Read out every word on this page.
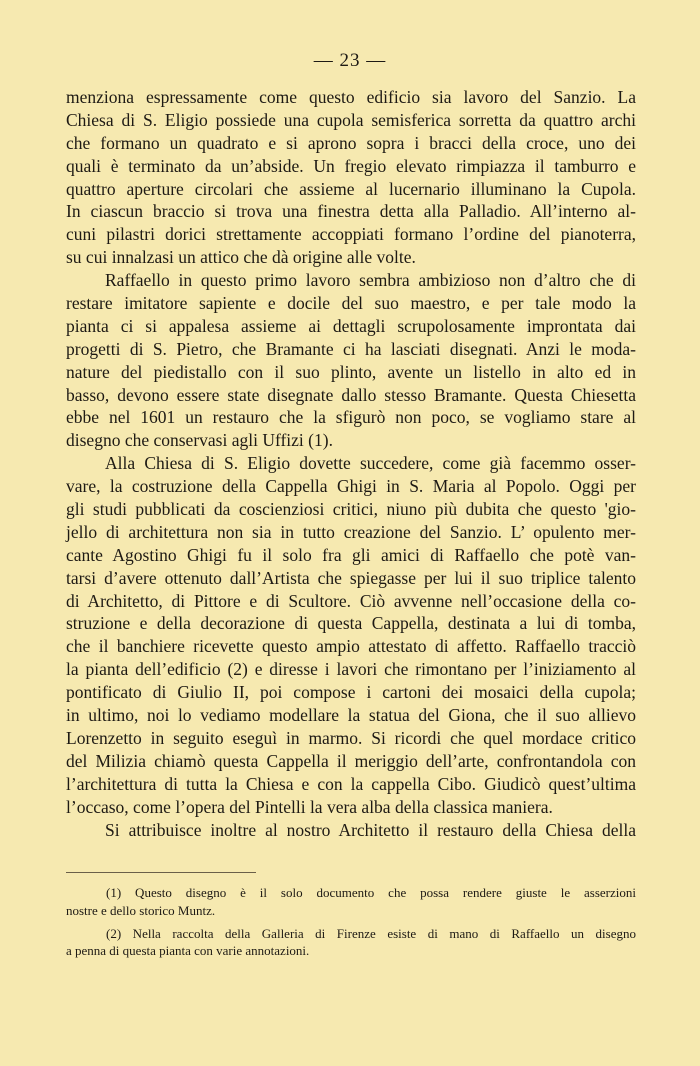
— 23 —
menziona espressamente come questo edificio sia lavoro del Sanzio. La
Chiesa di S. Eligio possiede una cupola semisferica sorretta da quattro archi
che formano un quadrato e si aprono sopra i bracci della croce, uno dei
quali è terminato da un’abside. Un fregio elevato rimpiazza il tamburro e
quattro aperture circolari che assieme al lucernario illuminano la Cupola.
In ciascun braccio si trova una finestra detta alla Palladio. All’interno al-
cuni pilastri dorici strettamente accoppiati formano l’ordine del pianoterra,
su cui innalzasi un attico che dà origine alle volte.
Raffaello in questo primo lavoro sembra ambizioso non d’altro che di
restare imitatore sapiente e docile del suo maestro, e per tale modo la
pianta ci si appalesa assieme ai dettagli scrupolosamente improntata dai
progetti di S. Pietro, che Bramante ci ha lasciati disegnati. Anzi le moda-
nature del piedistallo con il suo plinto, avente un listello in alto ed in
basso, devono essere state disegnate dallo stesso Bramante. Questa Chiesetta
ebbe nel 1601 un restauro che la sfigurò non poco, se vogliamo stare al
disegno che conservasi agli Uffizi (1).
Alla Chiesa di S. Eligio dovette succedere, come già facemmo osser-
vare, la costruzione della Cappella Ghigi in S. Maria al Popolo. Oggi per
gli studi pubblicati da coscienziosi critici, niuno più dubita che questo 'gio-
jello di architettura non sia in tutto creazione del Sanzio. L’ opulento mer-
cante Agostino Ghigi fu il solo fra gli amici di Raffaello che potè van-
tarsi d’avere ottenuto dall’Artista che spiegasse per lui il suo triplice talento
di Architetto, di Pittore e di Scultore. Ciò avvenne nell’occasione della co-
struzione e della decorazione di questa Cappella, destinata a lui di tomba,
che il banchiere ricevette questo ampio attestato di affetto. Raffaello tracciò
la pianta dell’edificio (2) e diresse i lavori che rimontano per l’iniziamento al
pontificato di Giulio II, poi compose i cartoni dei mosaici della cupola;
in ultimo, noi lo vediamo modellare la statua del Giona, che il suo allievo
Lorenzetto in seguito eseguì in marmo. Si ricordi che quel mordace critico
del Milizia chiamò questa Cappella il meriggio dell’arte, confrontandola con
l’architettura di tutta la Chiesa e con la cappella Cibo. Giudicò quest’ultima
l’occaso, come l’opera del Pintelli la vera alba della classica maniera.
Si attribuisce inoltre al nostro Architetto il restauro della Chiesa della
(1) Questo disegno è il solo documento che possa rendere giuste le asserzioni
nostre e dello storico Muntz.
(2) Nella raccolta della Galleria di Firenze esiste di mano di Raffaello un disegno
a penna di questa pianta con varie annotazioni.
